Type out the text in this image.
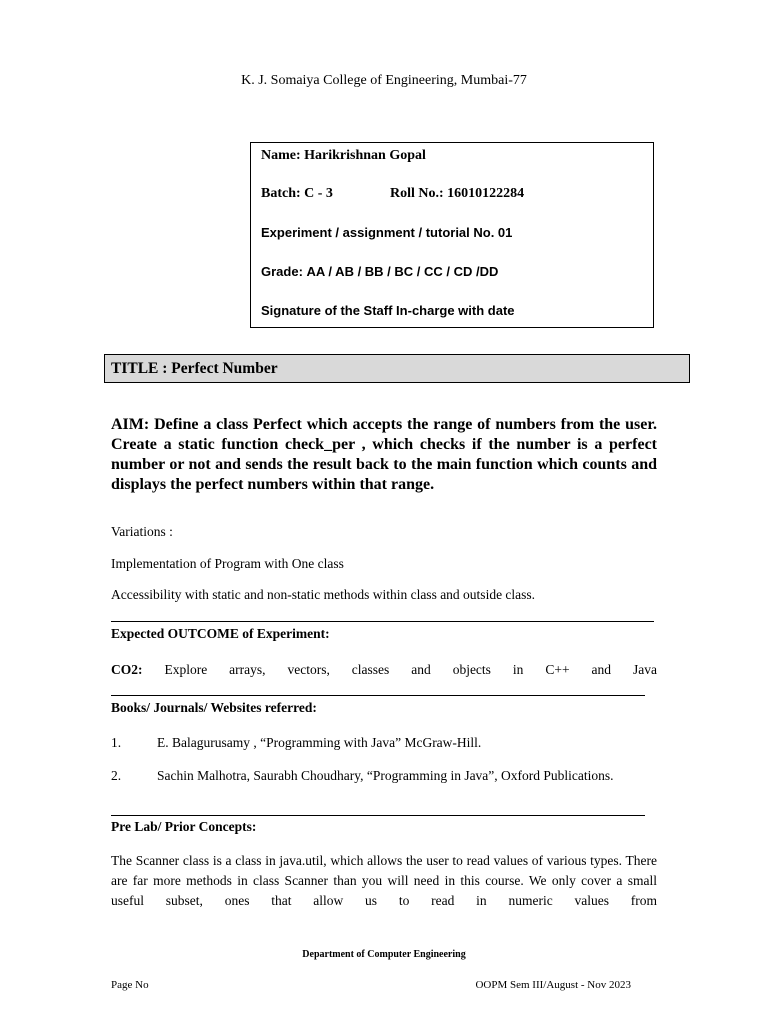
K. J. Somaiya College of Engineering, Mumbai-77
Name: Harikrishnan Gopal
Batch: C - 3	Roll No.: 16010122284
Experiment / assignment / tutorial No. 01
Grade: AA / AB / BB / BC / CC / CD /DD
Signature of the Staff In-charge with date
TITLE : Perfect Number
AIM: Define a class Perfect which accepts the range of numbers from the user. Create a static function check_per , which checks if the number is a perfect number or not and sends the result back to the main function which counts and displays the perfect numbers within that range.
Variations :
Implementation of Program with One class
Accessibility with static and non-static methods within class and outside class.
Expected OUTCOME of Experiment:
CO2: Explore arrays, vectors, classes and objects in C++ and Java
Books/ Journals/ Websites referred:
1.	E. Balagurusamy , “Programming with Java” McGraw-Hill.
2.	Sachin Malhotra, Saurabh Choudhary, “Programming in Java”, Oxford Publications.
Pre Lab/ Prior Concepts:
The Scanner class is a class in java.util, which allows the user to read values of various types. There are far more methods in class Scanner than you will need in this course. We only cover a small useful subset, ones that allow us to read in numeric values from
Department of Computer Engineering
Page No	OOPM Sem III/August - Nov 2023
